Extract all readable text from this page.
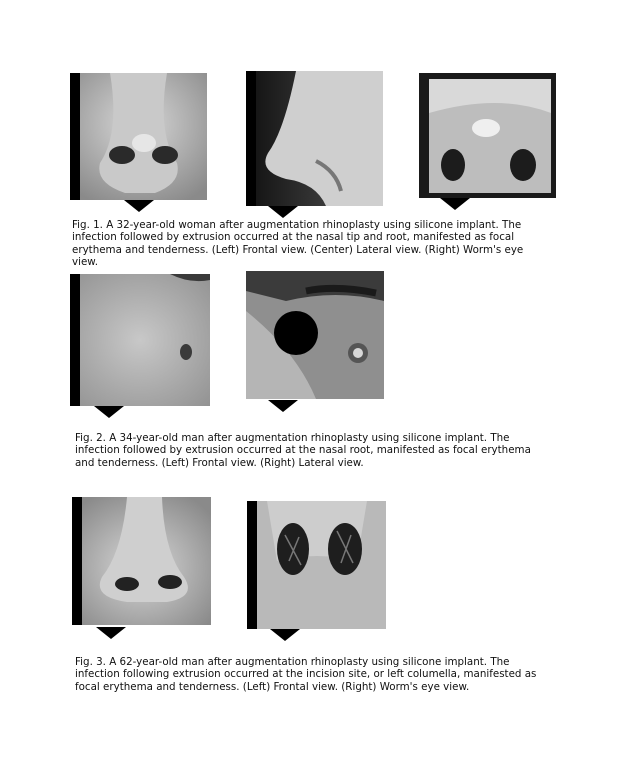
Fig. 1. A 32-year-old woman after augmentation rhinoplasty using silicone implant. The infection followed by extrusion occurred at the nasal tip and root, manifested as focal erythema and tenderness. (Left) Frontal view. (Center) Lateral view. (Right) Worm's eye view.

Fig. 2. A 34-year-old man after augmentation rhinoplasty using silicone implant. The infection followed by extrusion occurred at the nasal root, manifested as focal erythema and tenderness. (Left) Frontal view. (Right) Lateral view.

Fig. 3. A 62-year-old man after augmentation rhinoplasty using silicone implant. The infection following extrusion occurred at the incision site, or left columella, manifested as focal erythema and tenderness. (Left) Frontal view. (Right) Worm's eye view.
